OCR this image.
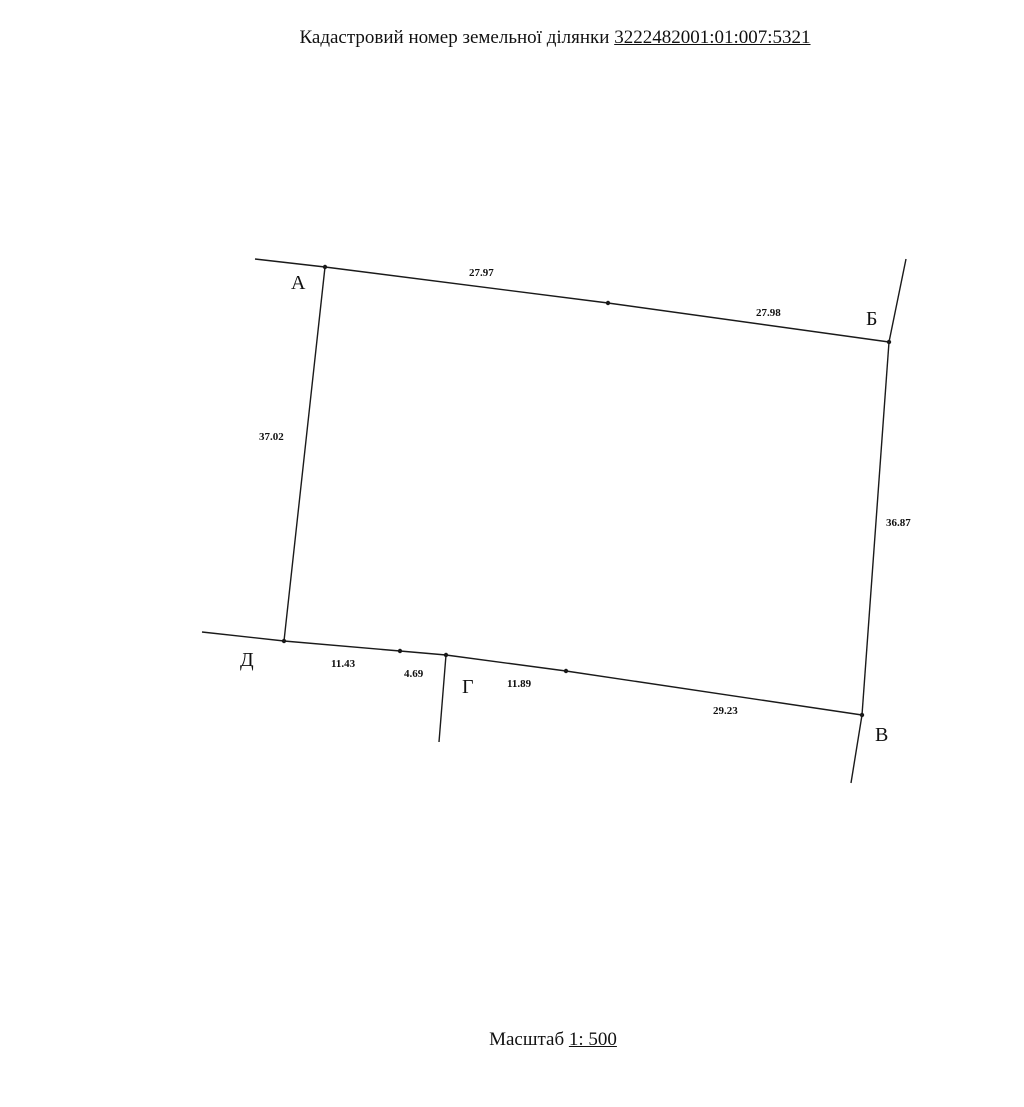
Кадастровий номер земельної ділянки 3222482001:01:007:5321
А
Б
В
Г
Д
27.97
27.98
36.87
29.23
11.89
4.69
11.43
37.02
Масштаб 1: 500
